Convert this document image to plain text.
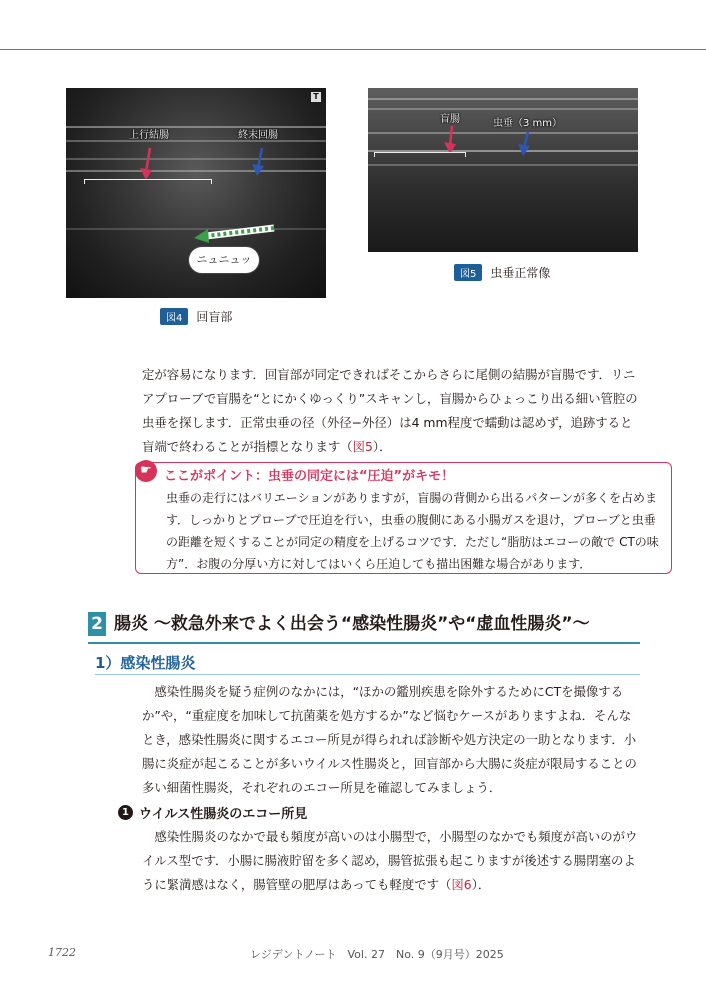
T
上行結腸	終末回腸
ニュニュッ
図4	回盲部
盲腸	虫垂（3 mm）
図5	虫垂正常像

定が容易になります．回盲部が同定できればそこからさらに尾側の結腸が盲腸です．リニアプローブで盲腸を“とにかくゆっくり”スキャンし，盲腸からひょっこり出る細い管腔の虫垂を探します．正常虫垂の径（外径−外径）は4 mm程度で蠕動は認めず，追跡すると盲端で終わることが指標となります（図5）．

☛ ここがポイント：虫垂の同定には“圧迫”がキモ！

虫垂の走行にはバリエーションがありますが，盲腸の背側から出るパターンが多くを占めます．しっかりとプローブで圧迫を行い，虫垂の腹側にある小腸ガスを退け，プローブと虫垂の距離を短くすることが同定の精度を上げるコツです．ただし“脂肪はエコーの敵で CTの味方”．お腹の分厚い方に対してはいくら圧迫しても描出困難な場合があります．

2 腸炎 ～救急外来でよく出会う“感染性腸炎”や“虚血性腸炎”～
1）感染性腸炎

感染性腸炎を疑う症例のなかには，“ほかの鑑別疾患を除外するためにCTを撮像するか”や，“重症度を加味して抗菌薬を処方するか”など悩むケースがありますよね．そんなとき，感染性腸炎に関するエコー所見が得られれば診断や処方決定の一助となります．小腸に炎症が起こることが多いウイルス性腸炎と，回盲部から大腸に炎症が限局することの多い細菌性腸炎，それぞれのエコー所見を確認してみましょう．

1 ウイルス性腸炎のエコー所見

感染性腸炎のなかで最も頻度が高いのは小腸型で，小腸型のなかでも頻度が高いのがウイルス型です．小腸に腸液貯留を多く認め，腸管拡張も起こりますが後述する腸閉塞のように緊満感はなく，腸管壁の肥厚はあっても軽度です（図6）．

1722	レジデントノート　Vol. 27　No. 9（9月号）2025
